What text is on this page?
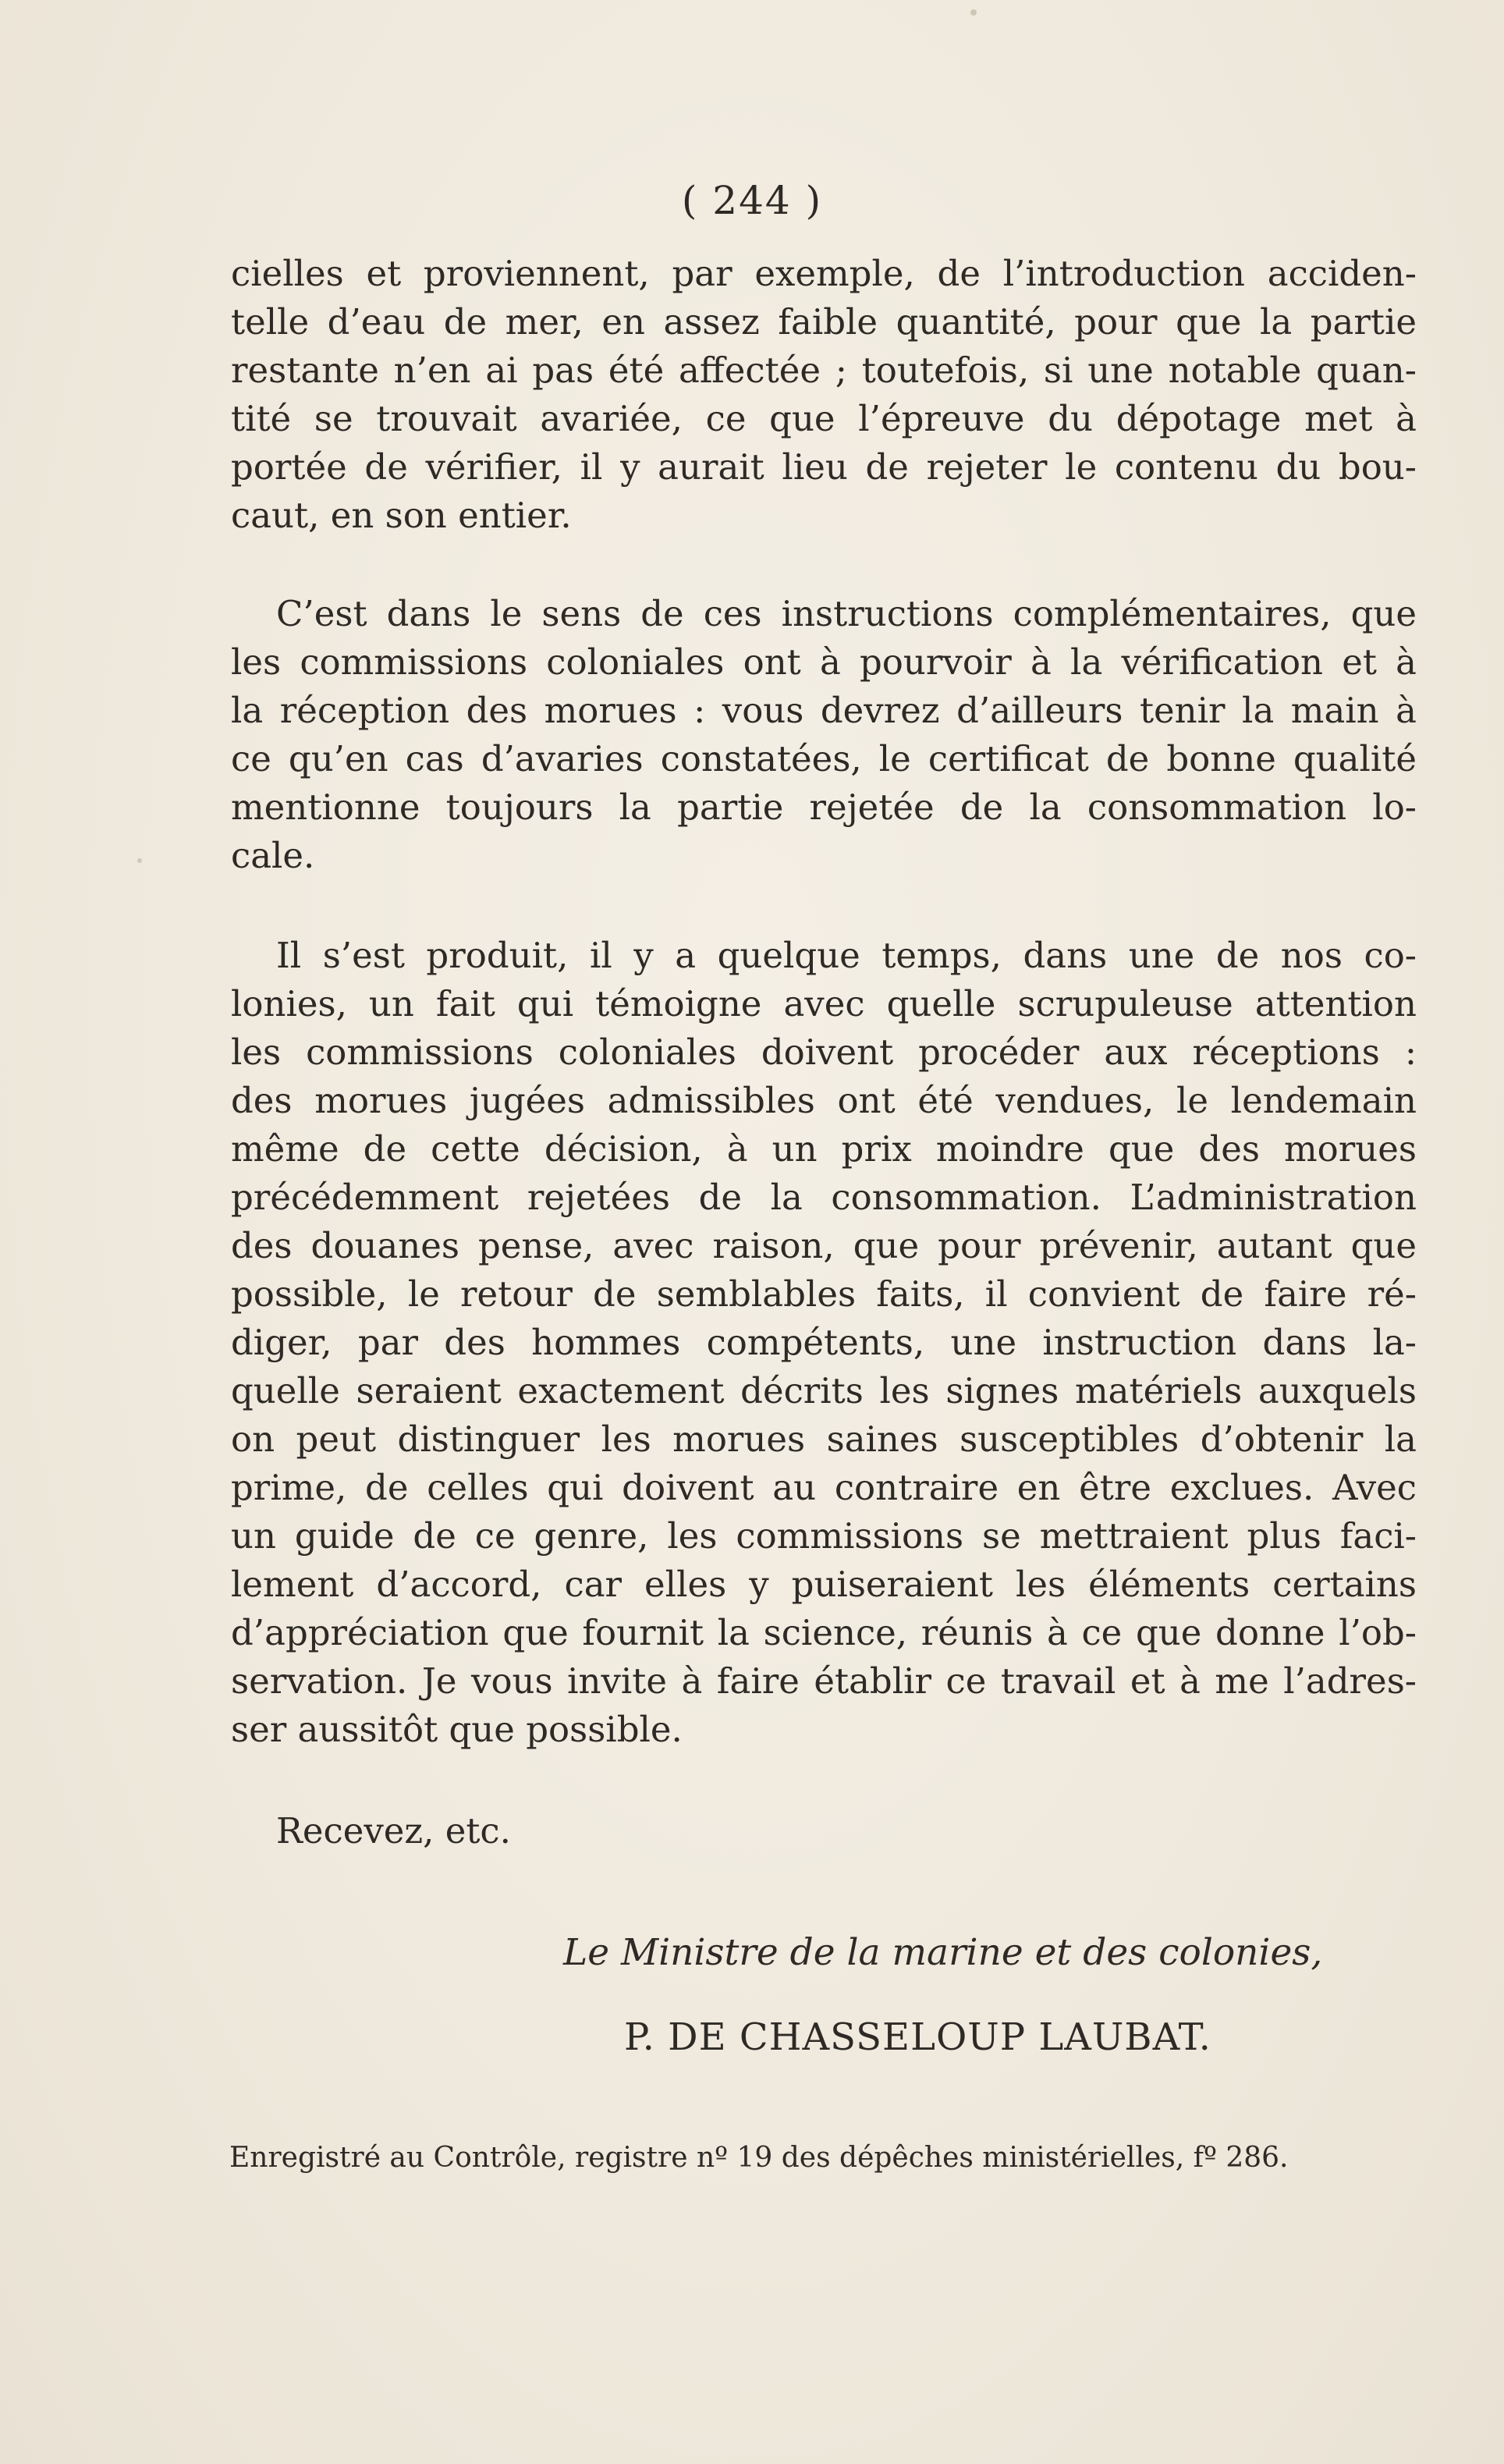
( 244 )
cielles et proviennent, par exemple, de l’introduction acciden-
telle d’eau de mer, en assez faible quantité, pour que la partie
restante n’en ai pas été affectée ; toutefois, si une notable quan-
tité se trouvait avariée, ce que l’épreuve du dépotage met à
portée de vérifier, il y aurait lieu de rejeter le contenu du bou-
caut, en son entier.
C’est dans le sens de ces instructions complémentaires, que
les commissions coloniales ont à pourvoir à la vérification et à
la réception des morues : vous devrez d’ailleurs tenir la main à
ce qu’en cas d’avaries constatées, le certificat de bonne qualité
mentionne toujours la partie rejetée de la consommation lo-
cale.
Il s’est produit, il y a quelque temps, dans une de nos co-
lonies, un fait qui témoigne avec quelle scrupuleuse attention
les commissions coloniales doivent procéder aux réceptions :
des morues jugées admissibles ont été vendues, le lendemain
même de cette décision, à un prix moindre que des morues
précédemment rejetées de la consommation. L’administration
des douanes pense, avec raison, que pour prévenir, autant que
possible, le retour de semblables faits, il convient de faire ré-
diger, par des hommes compétents, une instruction dans la-
quelle seraient exactement décrits les signes matériels auxquels
on peut distinguer les morues saines susceptibles d’obtenir la
prime, de celles qui doivent au contraire en être exclues. Avec
un guide de ce genre, les commissions se mettraient plus faci-
lement d’accord, car elles y puiseraient les éléments certains
d’appréciation que fournit la science, réunis à ce que donne l’ob-
servation. Je vous invite à faire établir ce travail et à me l’adres-
ser aussitôt que possible.
Recevez, etc.
Le Ministre de la marine et des colonies,
P. DE CHASSELOUP LAUBAT.
Enregistré au Contrôle, registre nº 19 des dépêches ministérielles, fº 286.
